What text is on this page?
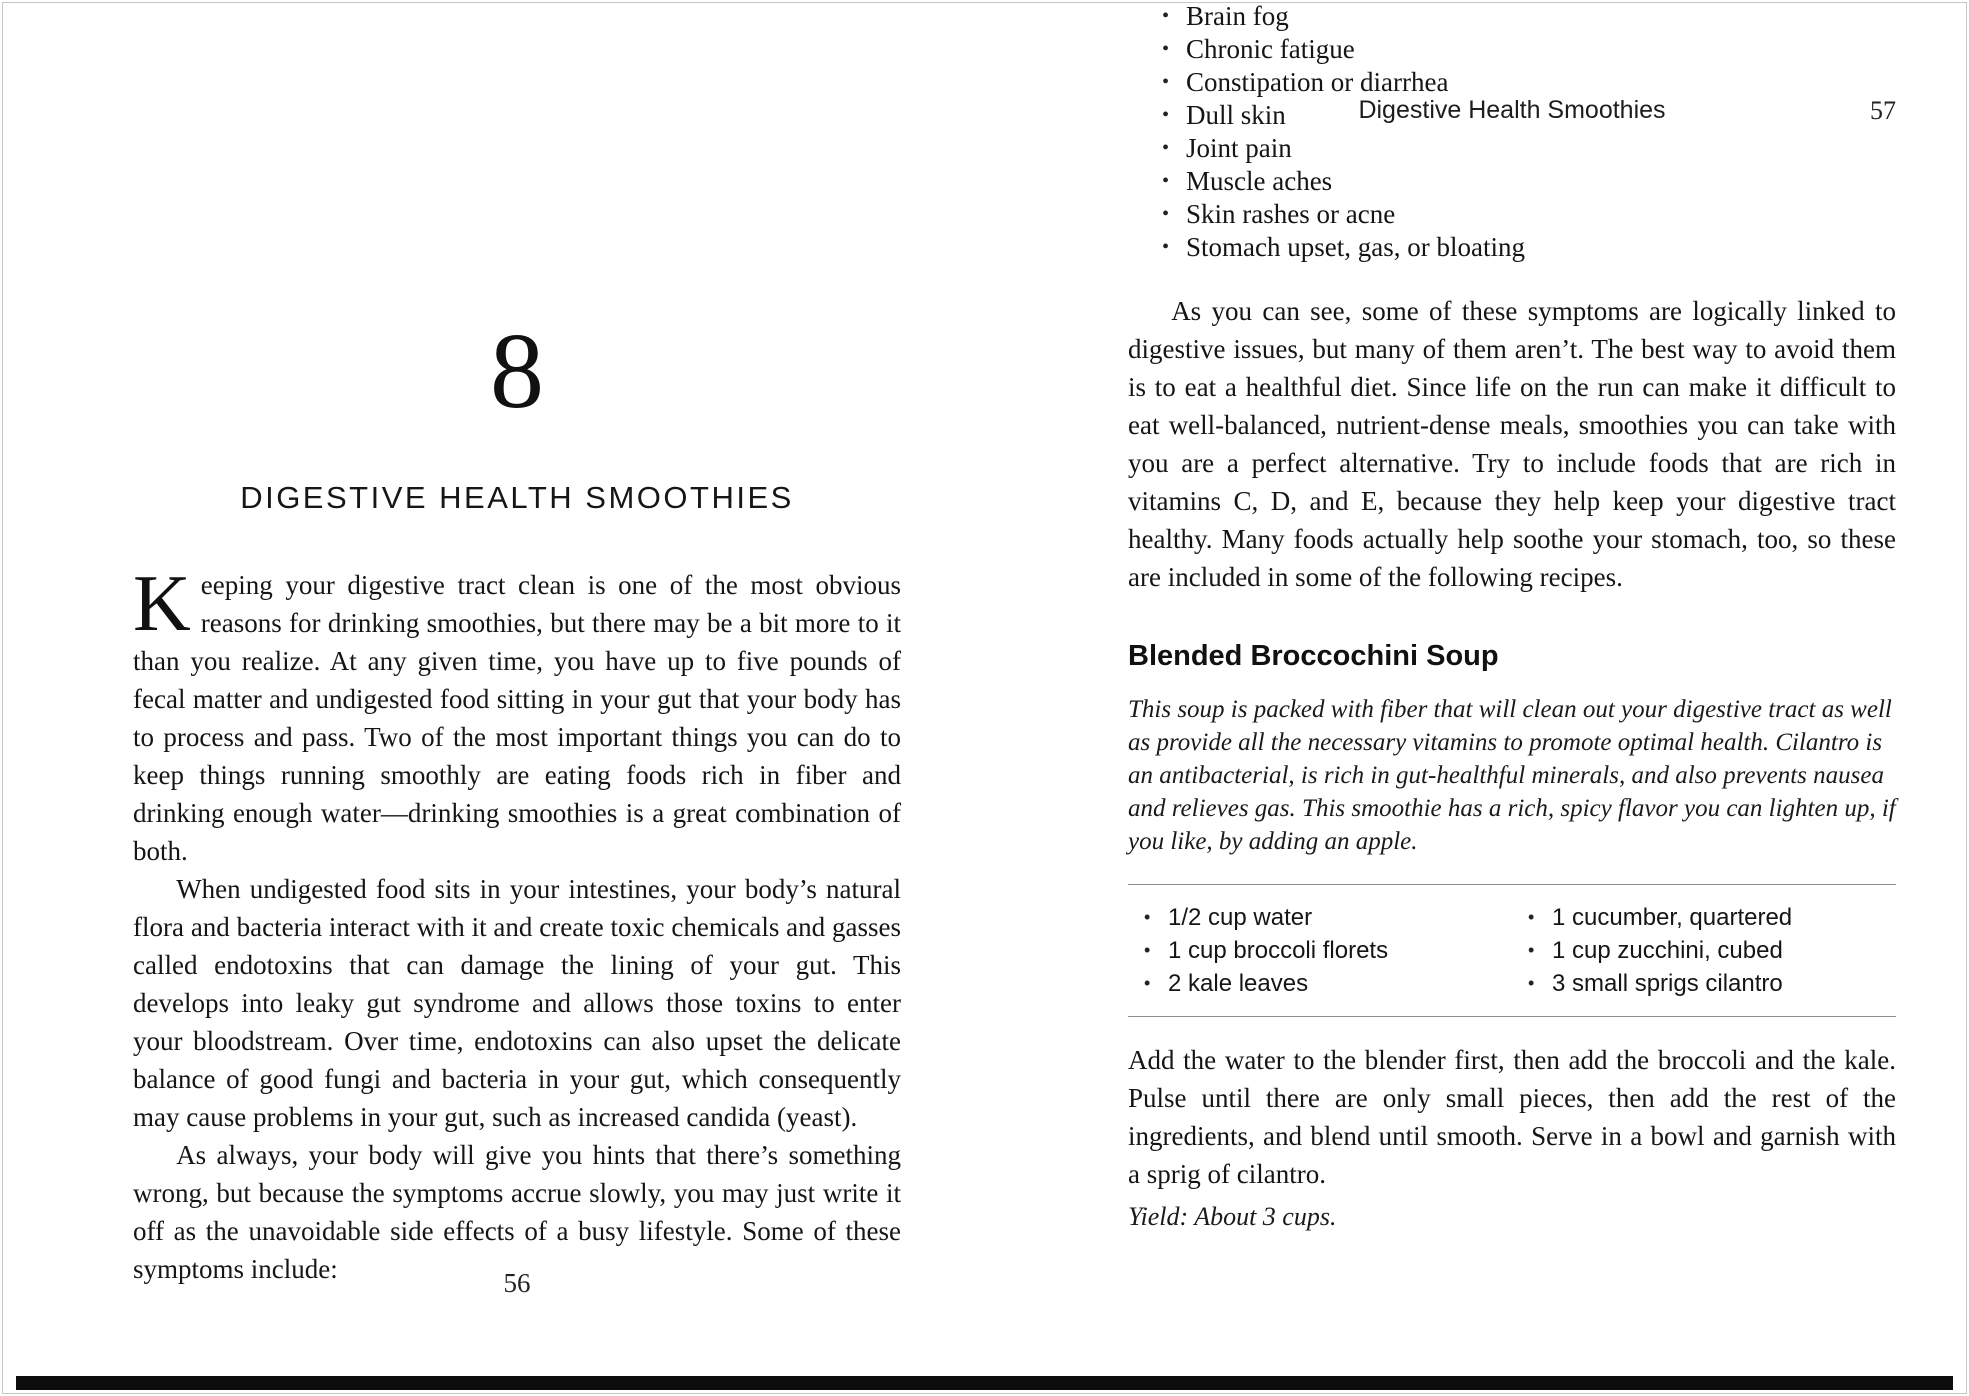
8
DIGESTIVE HEALTH SMOOTHIES

Keeping your digestive tract clean is one of the most obvious reasons for drinking smoothies, but there may be a bit more to it than you realize. At any given time, you have up to five pounds of fecal matter and undigested food sitting in your gut that your body has to process and pass. Two of the most important things you can do to keep things running smoothly are eating foods rich in fiber and drinking enough water—drinking smoothies is a great combination of both.

When undigested food sits in your intestines, your body’s natural flora and bacteria interact with it and create toxic chemicals and gasses called endotoxins that can damage the lining of your gut. This develops into leaky gut syndrome and allows those toxins to enter your bloodstream. Over time, endotoxins can also upset the delicate balance of good fungi and bacteria in your gut, which consequently may cause problems in your gut, such as increased candida (yeast).

As always, your body will give you hints that there’s something wrong, but because the symptoms accrue slowly, you may just write it off as the unavoidable side effects of a busy lifestyle. Some of these symptoms include:	56
Digestive Health Smoothies	57
• Brain fog
• Chronic fatigue
• Constipation or diarrhea
• Dull skin
• Joint pain
• Muscle aches
• Skin rashes or acne
• Stomach upset, gas, or bloating

As you can see, some of these symptoms are logically linked to digestive issues, but many of them aren’t. The best way to avoid them is to eat a healthful diet. Since life on the run can make it difficult to eat well-balanced, nutrient-dense meals, smoothies you can take with you are a perfect alternative. Try to include foods that are rich in vitamins C, D, and E, because they help keep your digestive tract healthy. Many foods actually help soothe your stomach, too, so these are included in some of the following recipes.

Blended Broccochini Soup

This soup is packed with fiber that will clean out your digestive tract as well as provide all the necessary vitamins to promote optimal health. Cilantro is an antibacterial, is rich in gut-healthful minerals, and also prevents nausea and relieves gas. This smoothie has a rich, spicy flavor you can lighten up, if you like, by adding an apple.

• 1/2 cup water
• 1 cup broccoli florets
• 2 kale leaves
• 1 cucumber, quartered
• 1 cup zucchini, cubed
• 3 small sprigs cilantro

Add the water to the blender first, then add the broccoli and the kale. Pulse until there are only small pieces, then add the rest of the ingredients, and blend until smooth. Serve in a bowl and garnish with a sprig of cilantro.

Yield: About 3 cups.
